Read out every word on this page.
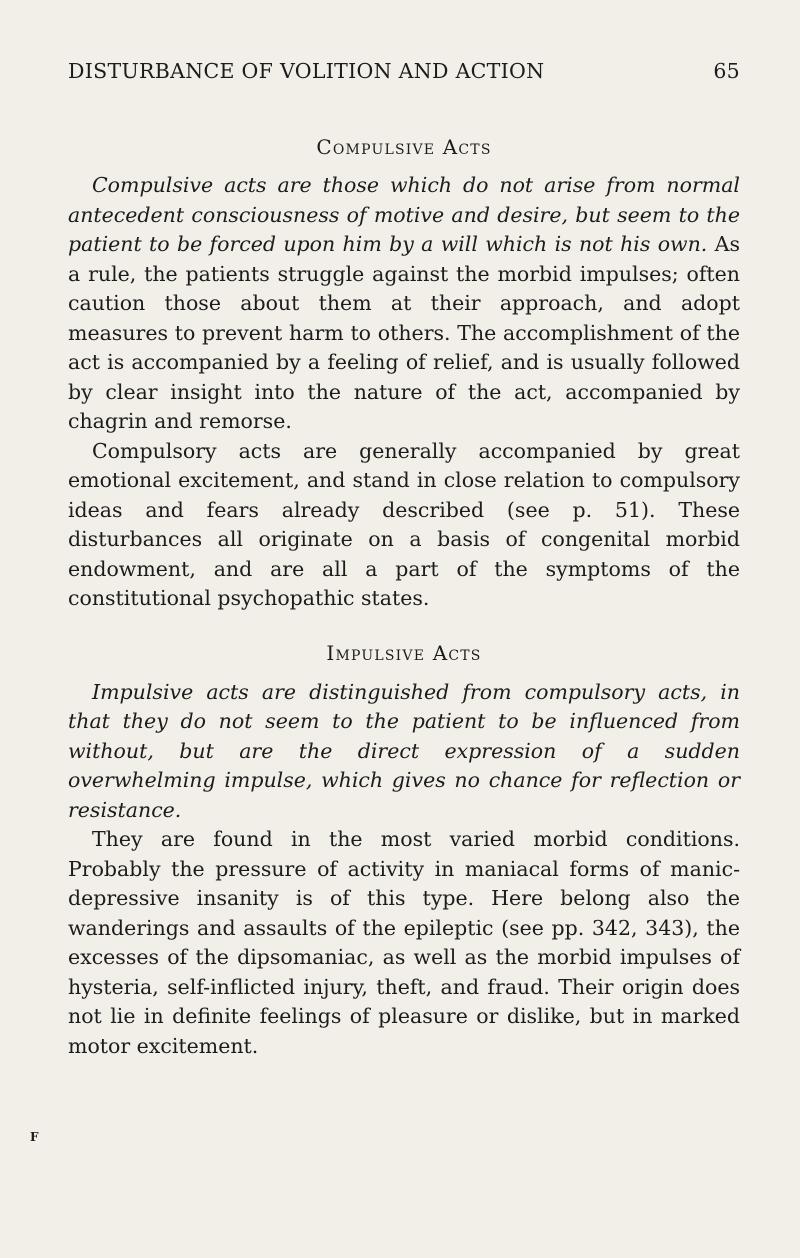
DISTURBANCE OF VOLITION AND ACTION	65
Compulsive Acts

Compulsive acts are those which do not arise from normal antecedent consciousness of motive and desire, but seem to the patient to be forced upon him by a will which is not his own. As a rule, the patients struggle against the morbid impulses; often caution those about them at their approach, and adopt measures to prevent harm to others. The accomplishment of the act is accompanied by a feeling of relief, and is usually followed by clear insight into the nature of the act, accompanied by chagrin and remorse.

Compulsory acts are generally accompanied by great emotional excitement, and stand in close relation to compulsory ideas and fears already described (see p. 51). These disturbances all originate on a basis of congenital morbid endowment, and are all a part of the symptoms of the constitutional psychopathic states.

Impulsive Acts

Impulsive acts are distinguished from compulsory acts, in that they do not seem to the patient to be influenced from without, but are the direct expression of a sudden overwhelming impulse, which gives no chance for reflection or resistance.

They are found in the most varied morbid conditions. Probably the pressure of activity in maniacal forms of manic-depressive insanity is of this type. Here belong also the wanderings and assaults of the epileptic (see pp. 342, 343), the excesses of the dipsomaniac, as well as the morbid impulses of hysteria, self-inflicted injury, theft, and fraud. Their origin does not lie in definite feelings of pleasure or dislike, but in marked motor excitement.

F
